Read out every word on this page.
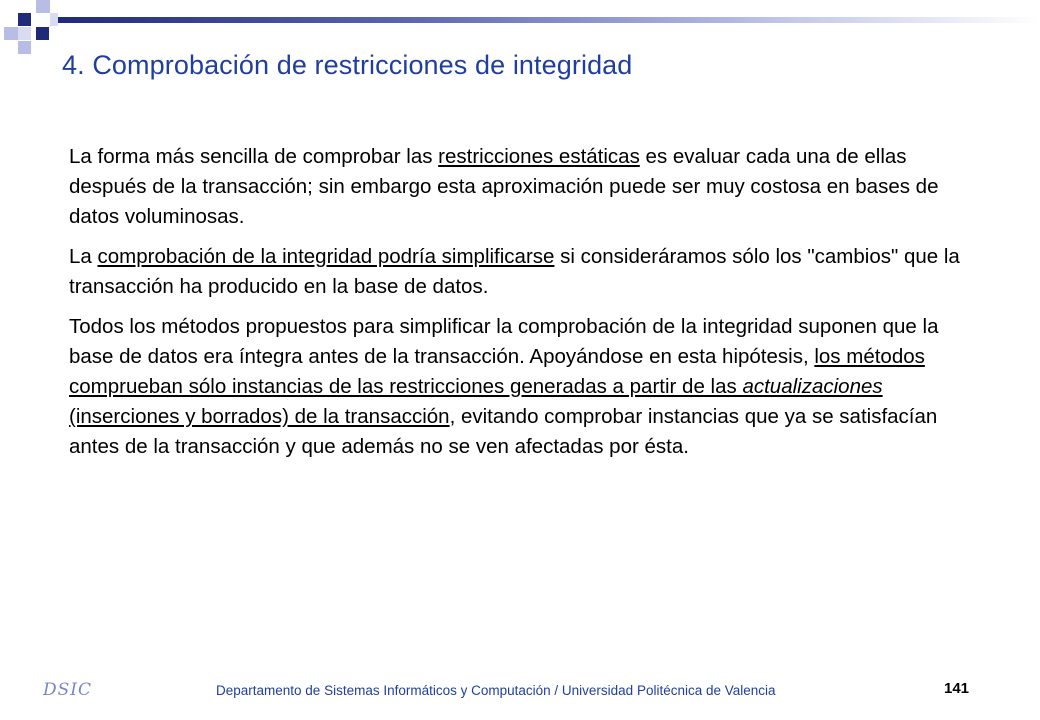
4. Comprobación de restricciones de integridad

La forma más sencilla de comprobar las restricciones estáticas es evaluar cada una de ellas después de la transacción; sin embargo esta aproximación puede ser muy costosa en bases de datos voluminosas.

La comprobación de la integridad podría simplificarse si consideráramos sólo los "cambios" que la transacción ha producido en la base de datos.

Todos los métodos propuestos para simplificar la comprobación de la integridad suponen que la base de datos era íntegra antes de la transacción. Apoyándose en esta hipótesis, los métodos comprueban sólo instancias de las restricciones generadas a partir de las actualizaciones (inserciones y borrados) de la transacción, evitando comprobar instancias que ya se satisfacían antes de la transacción y que además no se ven afectadas por ésta.

DSIC	Departamento de Sistemas Informáticos y Computación / Universidad Politécnica de Valencia	141
